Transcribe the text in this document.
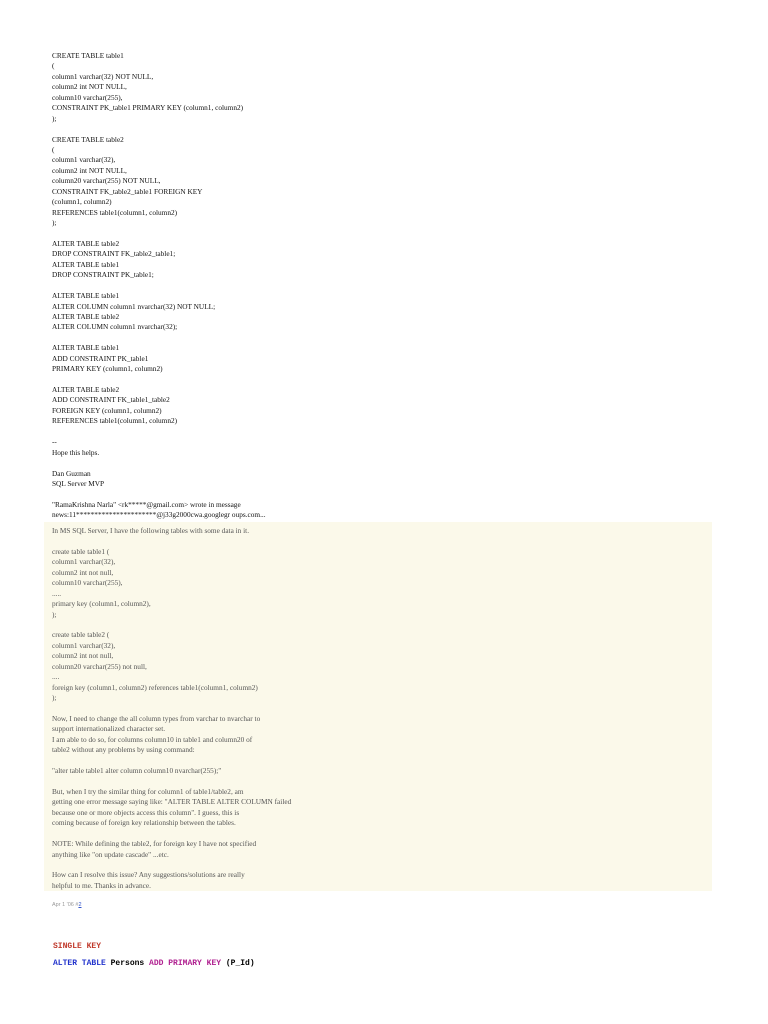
CREATE TABLE table1
(
column1 varchar(32) NOT NULL,
column2 int NOT NULL,
column10 varchar(255),
CONSTRAINT PK_table1 PRIMARY KEY (column1, column2)
);
CREATE TABLE table2
(
column1 varchar(32),
column2 int NOT NULL,
column20 varchar(255) NOT NULL,
CONSTRAINT FK_table2_table1 FOREIGN KEY
(column1, column2)
REFERENCES table1(column1, column2)
);
ALTER TABLE table2
DROP CONSTRAINT FK_table2_table1;
ALTER TABLE table1
DROP CONSTRAINT PK_table1;
ALTER TABLE table1
ALTER COLUMN column1 nvarchar(32) NOT NULL;
ALTER TABLE table2
ALTER COLUMN column1 nvarchar(32);
ALTER TABLE table1
ADD CONSTRAINT PK_table1
PRIMARY KEY (column1, column2)
ALTER TABLE table2
ADD CONSTRAINT FK_table1_table2
FOREIGN KEY (column1, column2)
REFERENCES table1(column1, column2)
--
Hope this helps.
Dan Guzman
SQL Server MVP
"RamaKrishna Narla" <rk*****@gmail.com> wrote in message
news:11**********************@j33g2000cwa.googlegr oups.com...
In MS SQL Server, I have the following tables with some data in it.
create table table1 (
column1 varchar(32),
column2 int not null,
column10 varchar(255),
.....
primary key (column1, column2),
);
create table table2 (
column1 varchar(32),
column2 int not null,
column20 varchar(255) not null,
....
foreign key (column1, column2) references table1(column1, column2)
);
Now, I need to change the all column types from varchar to nvarchar to
support internationalized character set.
I am able to do so, for columns column10 in table1 and column20 of
table2 without any problems by using command:
"alter table table1 alter column column10 nvarchar(255);"
But, when I try the similar thing for column1 of table1/table2, am
getting one error message saying like: "ALTER TABLE ALTER COLUMN failed
because one or more objects access this column". I guess, this is
coming because of foreign key relationship between the tables.
NOTE: While defining the table2, for foreign key I have not specified
anything like "on update cascade" ...etc.
How can I resolve this issue? Any suggestions/solutions are really
helpful to me. Thanks in advance.
Apr 1 '06 #2
SINGLE KEY
ALTER TABLE Persons ADD PRIMARY KEY (P_Id)
